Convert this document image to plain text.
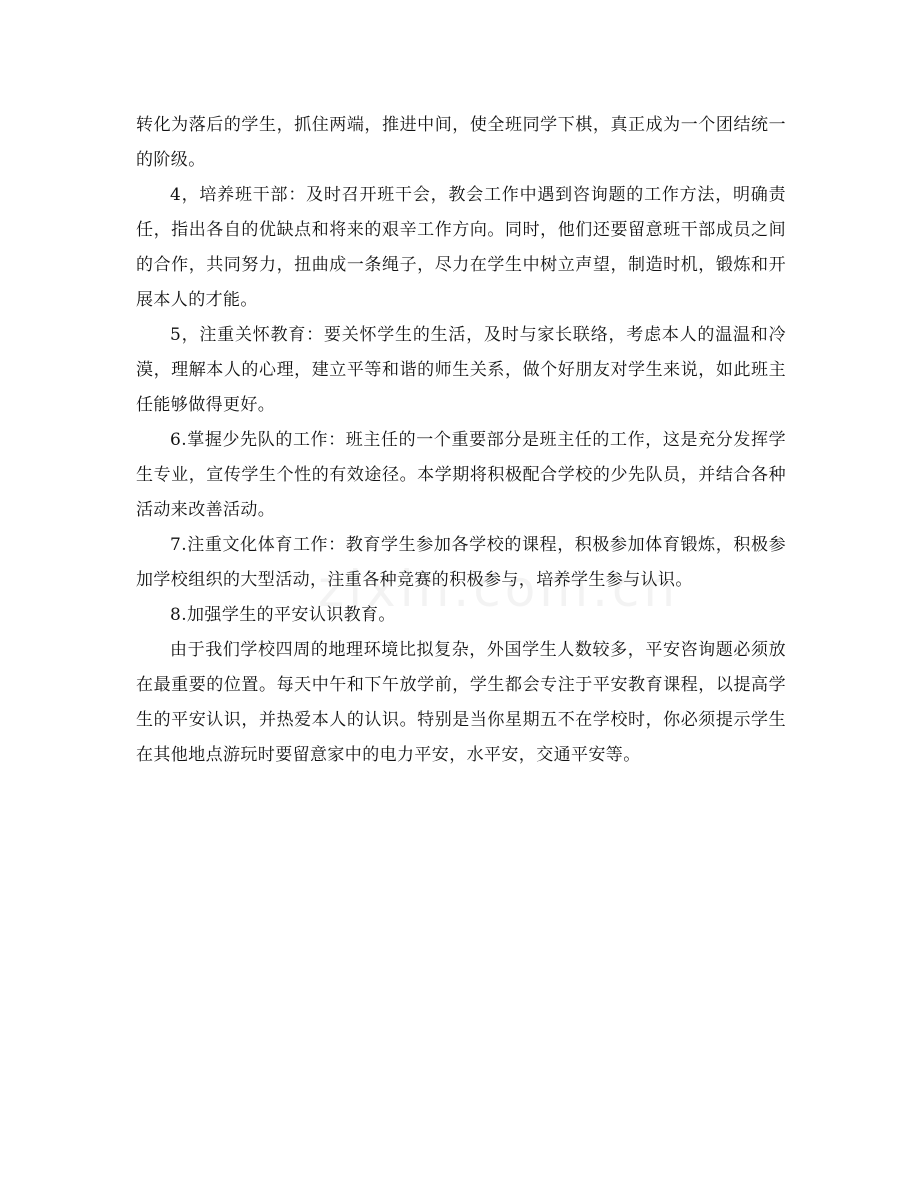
转化为落后的学生，抓住两端，推进中间，使全班同学下棋，真正成为一个团结统一的阶级。

4，培养班干部：及时召开班干会，教会工作中遇到咨询题的工作方法，明确责任，指出各自的优缺点和将来的艰辛工作方向。同时，他们还要留意班干部成员之间的合作，共同努力，扭曲成一条绳子，尽力在学生中树立声望，制造时机，锻炼和开展本人的才能。

5，注重关怀教育：要关怀学生的生活，及时与家长联络，考虑本人的温温和冷漠，理解本人的心理，建立平等和谐的师生关系，做个好朋友对学生来说，如此班主任能够做得更好。

6.掌握少先队的工作：班主任的一个重要部分是班主任的工作，这是充分发挥学生专业，宣传学生个性的有效途径。本学期将积极配合学校的少先队员，并结合各种活动来改善活动。

7.注重文化体育工作：教育学生参加各学校的课程，积极参加体育锻炼，积极参加学校组织的大型活动，注重各种竞赛的积极参与，培养学生参与认识。

8.加强学生的平安认识教育。

由于我们学校四周的地理环境比拟复杂，外国学生人数较多，平安咨询题必须放在最重要的位置。每天中午和下午放学前，学生都会专注于平安教育课程，以提高学生的平安认识，并热爱本人的认识。特别是当你星期五不在学校时，你必须提示学生在其他地点游玩时要留意家中的电力平安，水平安，交通平安等。
